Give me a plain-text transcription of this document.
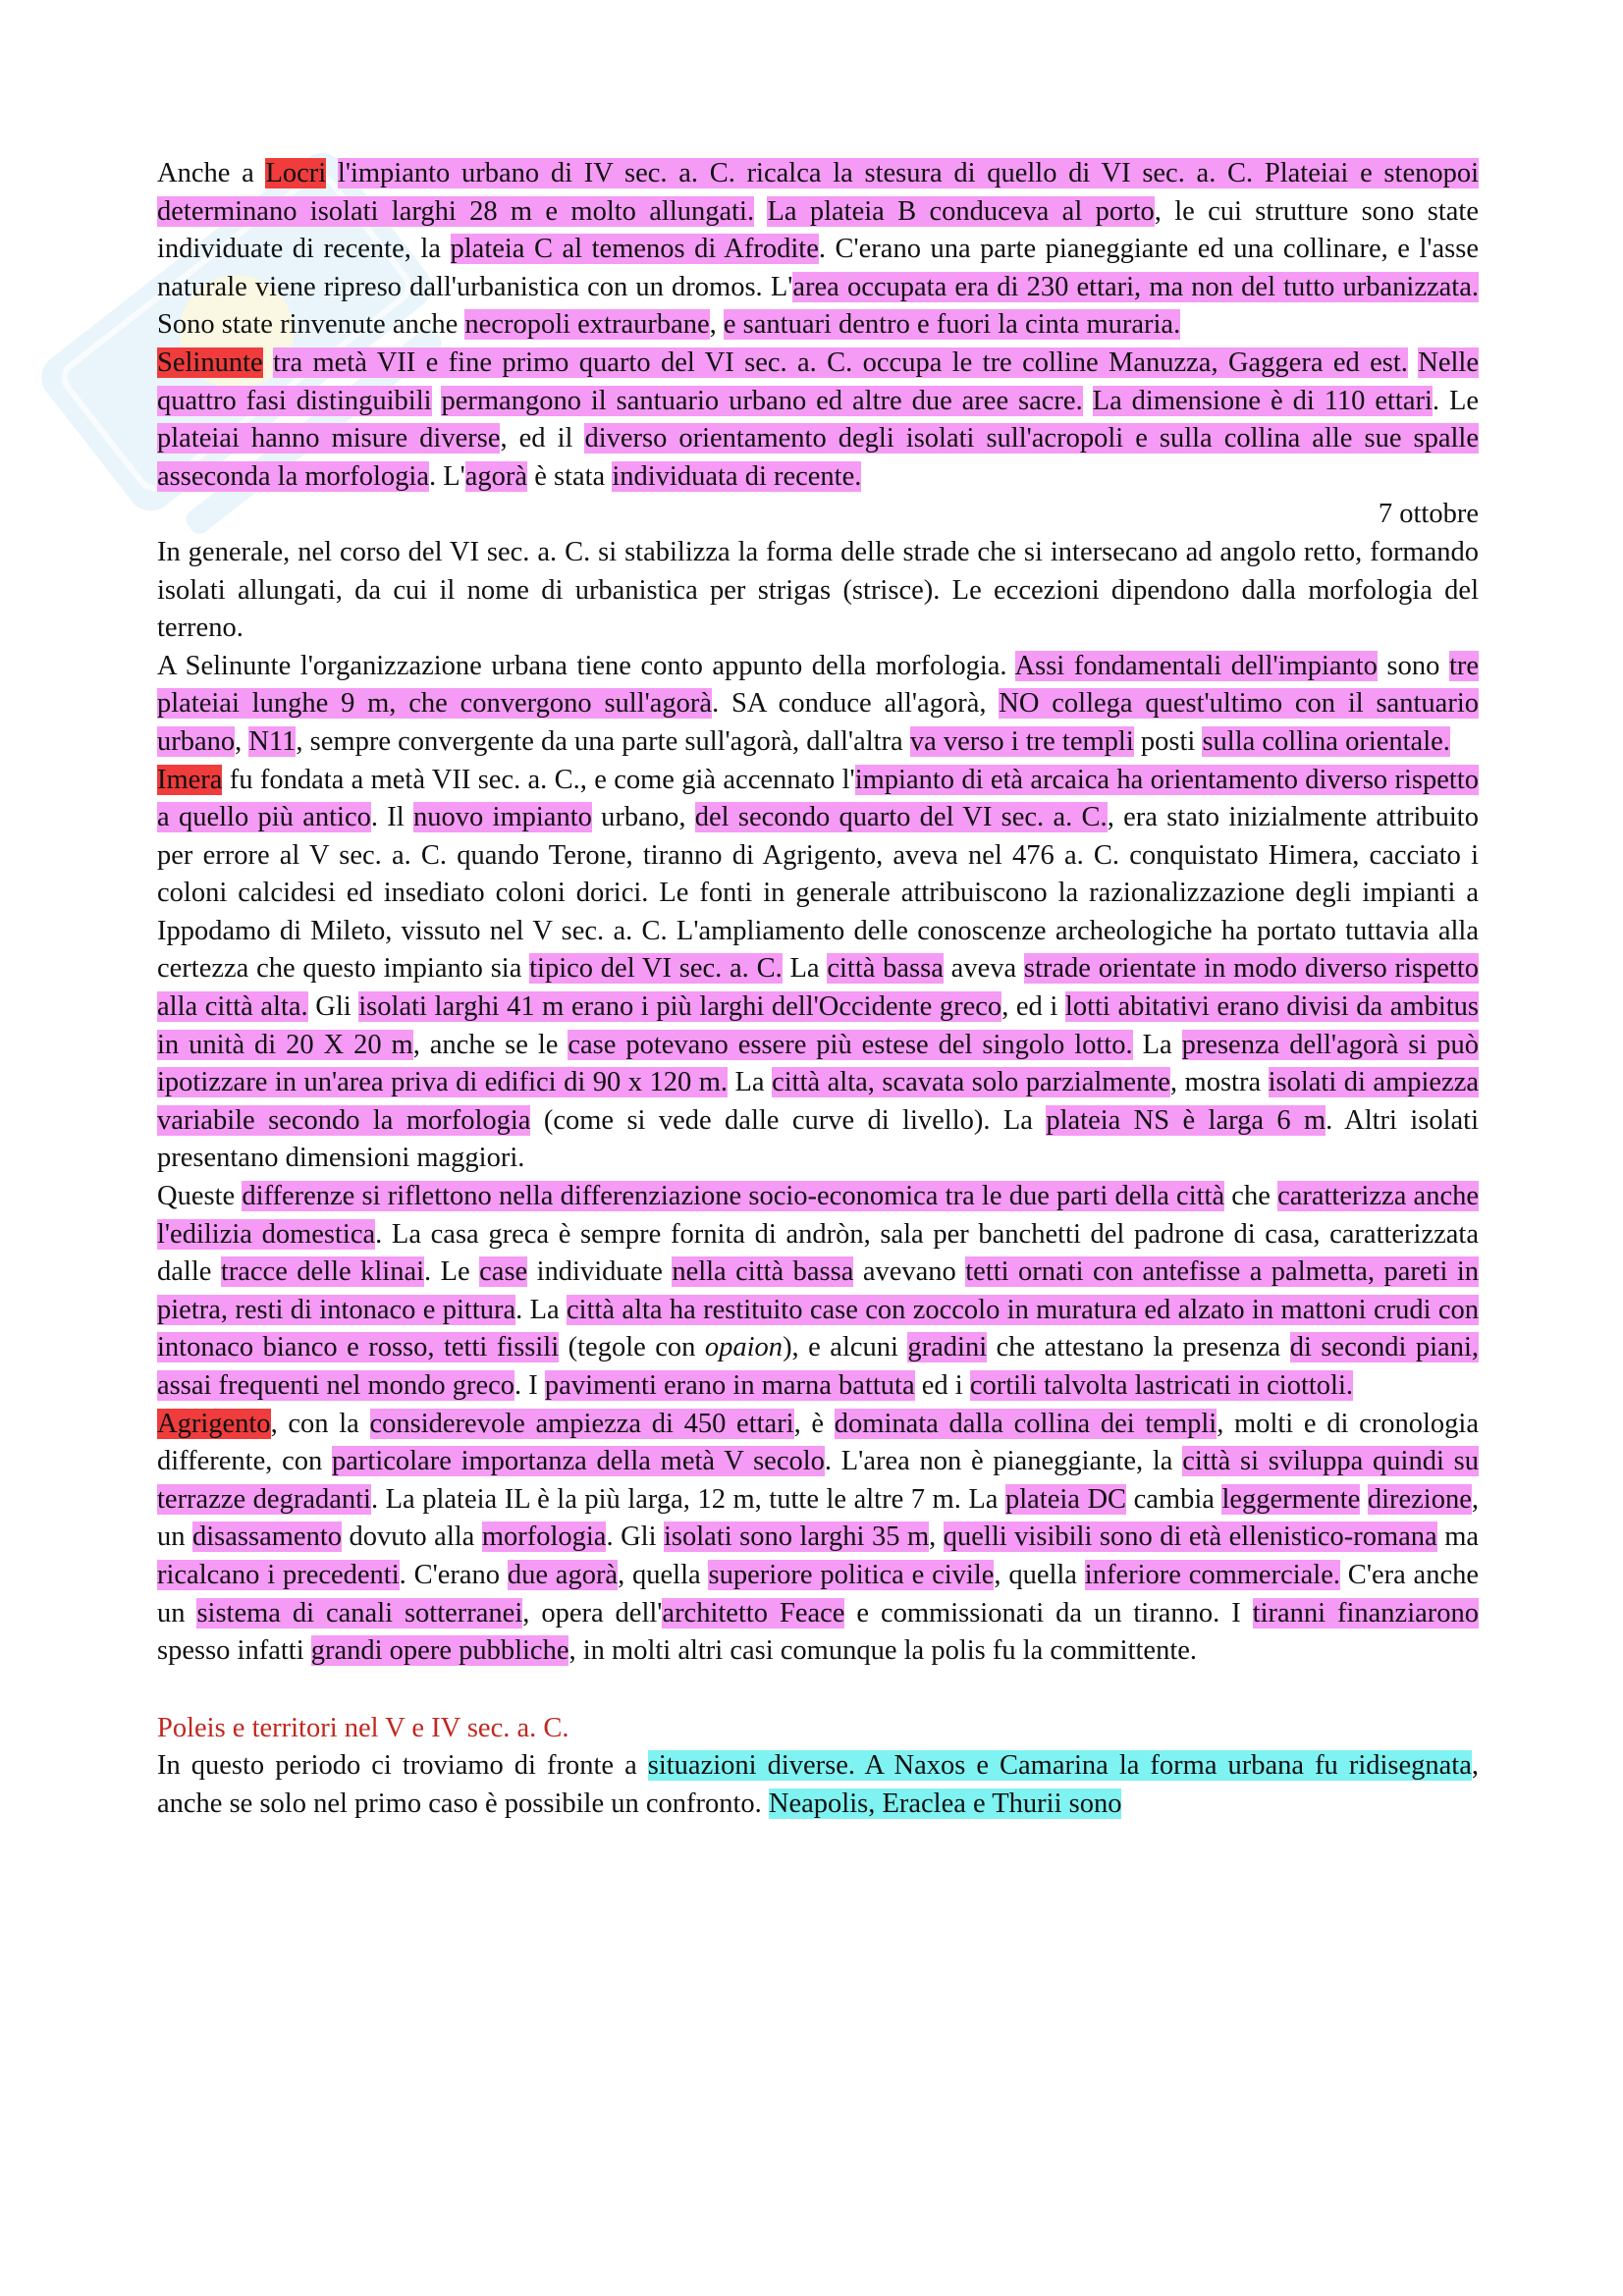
Anche a Locri l'impianto urbano di IV sec. a. C. ricalca la stesura di quello di VI sec. a. C. Plateiai e stenopoi determinano isolati larghi 28 m e molto allungati. La plateia B conduceva al porto, le cui strutture sono state individuate di recente, la plateia C al temenos di Afrodite. C'erano una parte pianeggiante ed una collinare, e l'asse naturale viene ripreso dall'urbanistica con un dromos. L'area occupata era di 230 ettari, ma non del tutto urbanizzata. Sono state rinvenute anche necropoli extraurbane, e santuari dentro e fuori la cinta muraria.

Selinunte tra metà VII e fine primo quarto del VI sec. a. C. occupa le tre colline Manuzza, Gaggera ed est. Nelle quattro fasi distinguibili permangono il santuario urbano ed altre due aree sacre. La dimensione è di 110 ettari. Le plateiai hanno misure diverse, ed il diverso orientamento degli isolati sull'acropoli e sulla collina alle sue spalle asseconda la morfologia. L'agorà è stata individuata di recente.

7 ottobre

In generale, nel corso del VI sec. a. C. si stabilizza la forma delle strade che si intersecano ad angolo retto, formando isolati allungati, da cui il nome di urbanistica per strigas (strisce). Le eccezioni dipendono dalla morfologia del terreno.

A Selinunte l'organizzazione urbana tiene conto appunto della morfologia. Assi fondamentali dell'impianto sono tre plateiai lunghe 9 m, che convergono sull'agorà. SA conduce all'agorà, NO collega quest'ultimo con il santuario urbano, N11, sempre convergente da una parte sull'agorà, dall'altra va verso i tre templi posti sulla collina orientale.

Imera fu fondata a metà VII sec. a. C., e come già accennato l'impianto di età arcaica ha orientamento diverso rispetto a quello più antico. Il nuovo impianto urbano, del secondo quarto del VI sec. a. C., era stato inizialmente attribuito per errore al V sec. a. C. quando Terone, tiranno di Agrigento, aveva nel 476 a. C. conquistato Himera, cacciato i coloni calcidesi ed insediato coloni dorici. Le fonti in generale attribuiscono la razionalizzazione degli impianti a Ippodamo di Mileto, vissuto nel V sec. a. C. L'ampliamento delle conoscenze archeologiche ha portato tuttavia alla certezza che questo impianto sia tipico del VI sec. a. C. La città bassa aveva strade orientate in modo diverso rispetto alla città alta. Gli isolati larghi 41 m erano i più larghi dell'Occidente greco, ed i lotti abitativi erano divisi da ambitus in unità di 20 X 20 m, anche se le case potevano essere più estese del singolo lotto. La presenza dell'agorà si può ipotizzare in un'area priva di edifici di 90 x 120 m. La città alta, scavata solo parzialmente, mostra isolati di ampiezza variabile secondo la morfologia (come si vede dalle curve di livello). La plateia NS è larga 6 m. Altri isolati presentano dimensioni maggiori.

Queste differenze si riflettono nella differenziazione socio-economica tra le due parti della città che caratterizza anche l'edilizia domestica. La casa greca è sempre fornita di andròn, sala per banchetti del padrone di casa, caratterizzata dalle tracce delle klinai. Le case individuate nella città bassa avevano tetti ornati con antefisse a palmetta, pareti in pietra, resti di intonaco e pittura. La città alta ha restituito case con zoccolo in muratura ed alzato in mattoni crudi con intonaco bianco e rosso, tetti fissili (tegole con opaion), e alcuni gradini che attestano la presenza di secondi piani, assai frequenti nel mondo greco. I pavimenti erano in marna battuta ed i cortili talvolta lastricati in ciottoli.

Agrigento, con la considerevole ampiezza di 450 ettari, è dominata dalla collina dei templi, molti e di cronologia differente, con particolare importanza della metà V secolo. L'area non è pianeggiante, la città si sviluppa quindi su terrazze degradanti. La plateia IL è la più larga, 12 m, tutte le altre 7 m. La plateia DC cambia leggermente direzione, un disassamento dovuto alla morfologia. Gli isolati sono larghi 35 m, quelli visibili sono di età ellenistico-romana ma ricalcano i precedenti. C'erano due agorà, quella superiore politica e civile, quella inferiore commerciale. C'era anche un sistema di canali sotterranei, opera dell'architetto Feace e commissionati da un tiranno. I tiranni finanziarono spesso infatti grandi opere pubbliche, in molti altri casi comunque la polis fu la committente.

Poleis e territori nel V e IV sec. a. C.

In questo periodo ci troviamo di fronte a situazioni diverse. A Naxos e Camarina la forma urbana fu ridisegnata, anche se solo nel primo caso è possibile un confronto. Neapolis, Eraclea e Thurii sono
